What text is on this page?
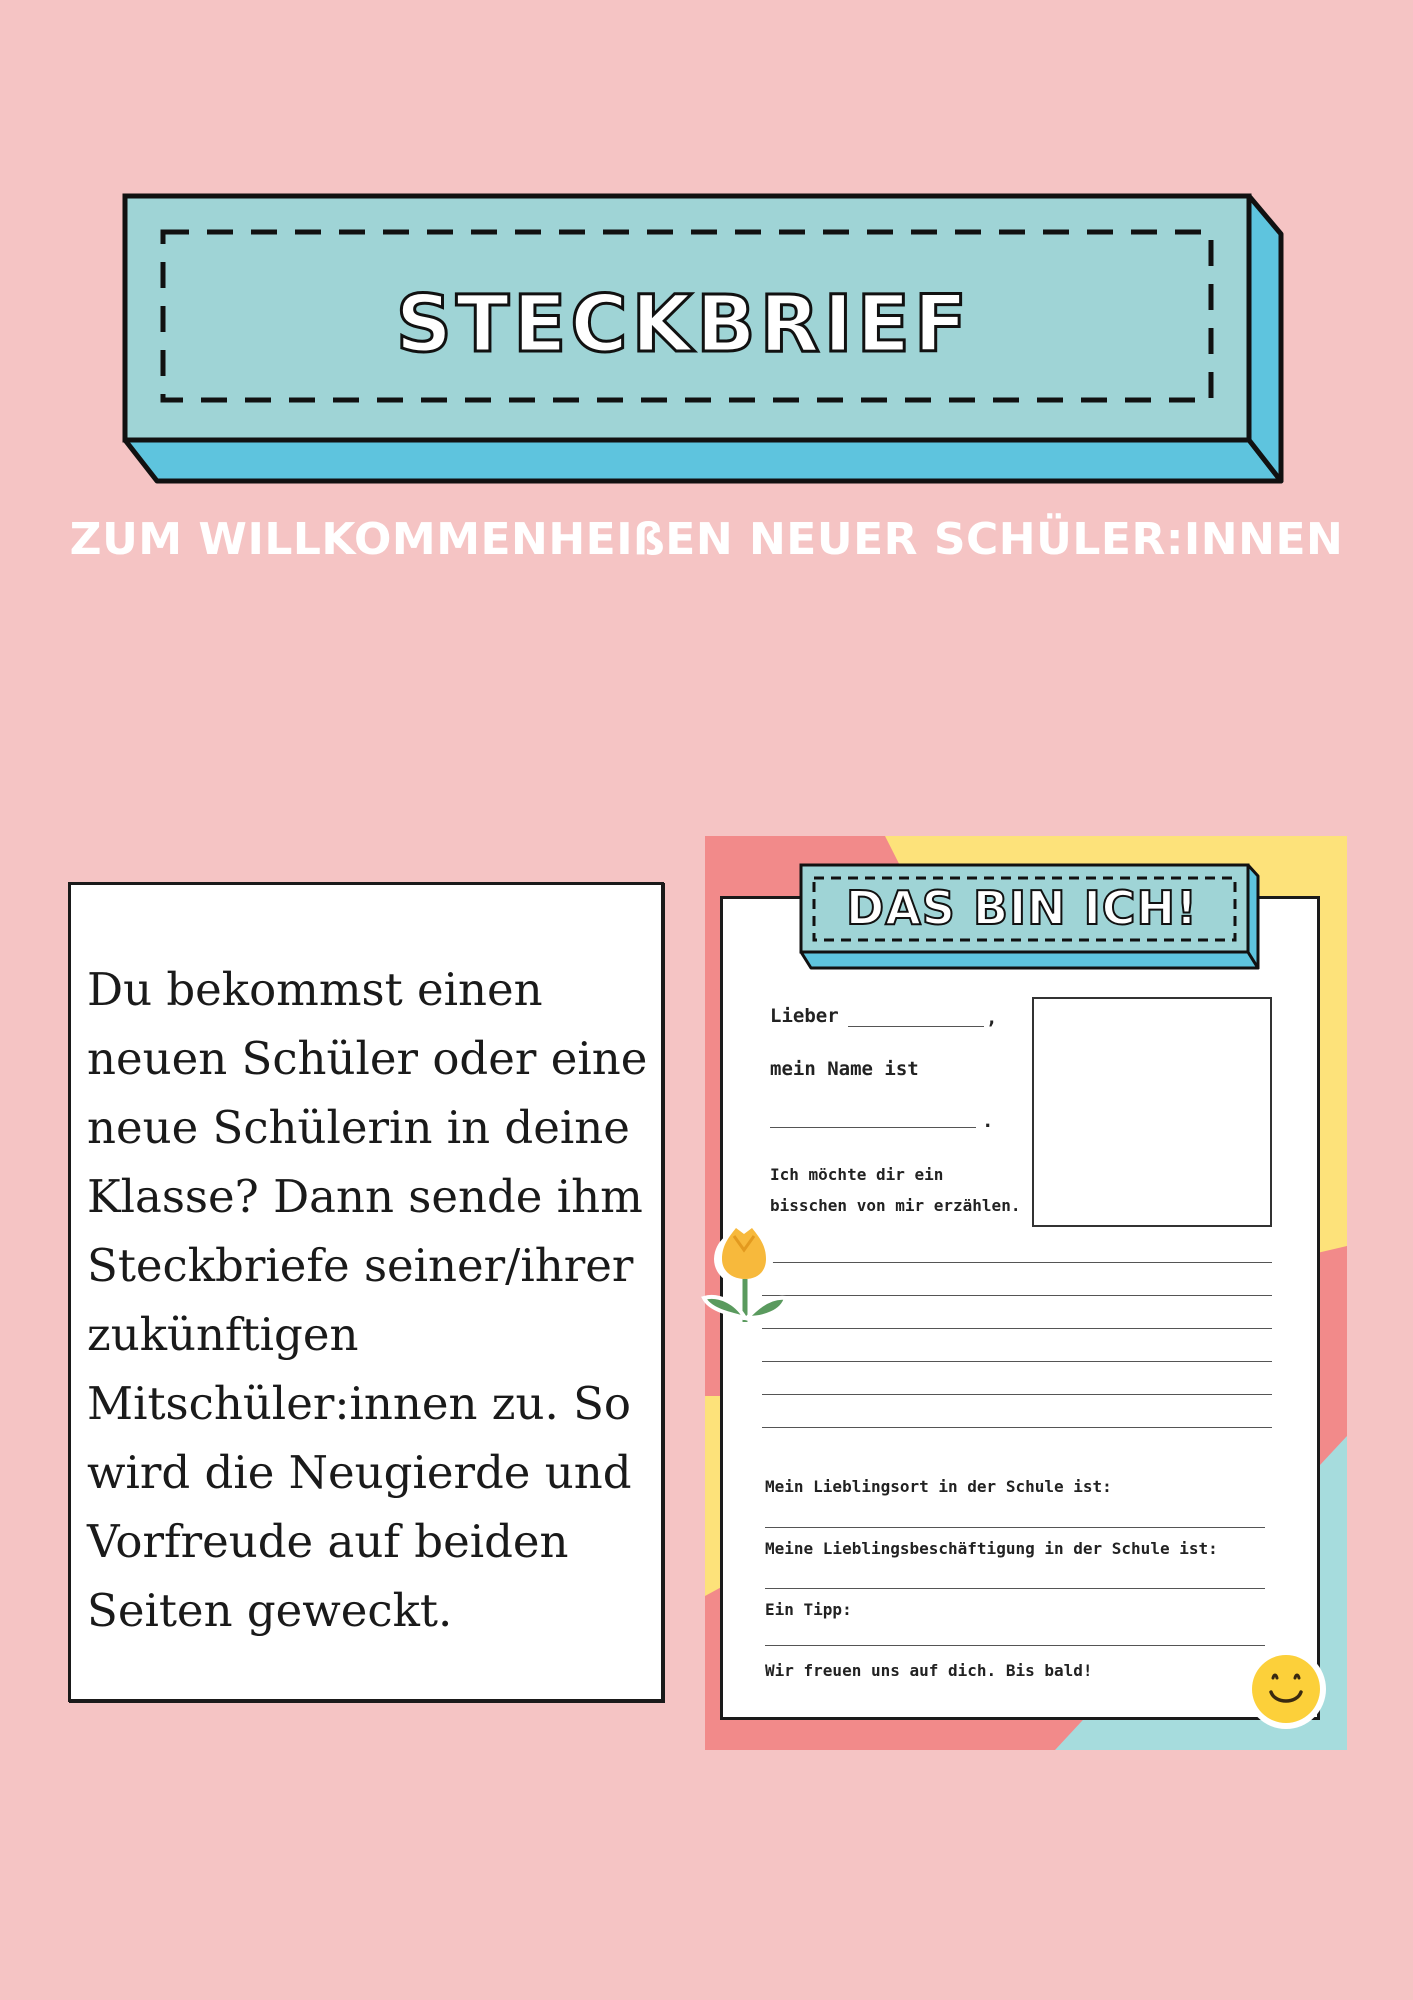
STECKBRIEF
ZUM WILLKOMMENHEIßEN NEUER SCHÜLER:INNEN

Du bekommst einen neuen Schüler oder eine neue Schülerin in deine Klasse? Dann sende ihm Steckbriefe seiner/ihrer zukünftigen Mitschüler:innen zu. So wird die Neugierde und Vorfreude auf beiden Seiten geweckt.

DAS BIN ICH!
Lieber	,
mein Name ist
.
Ich möchte dir ein
bisschen von mir erzählen.
Mein Lieblingsort in der Schule ist:
Meine Lieblingsbeschäftigung in der Schule ist:
Ein Tipp:
Wir freuen uns auf dich. Bis bald!
